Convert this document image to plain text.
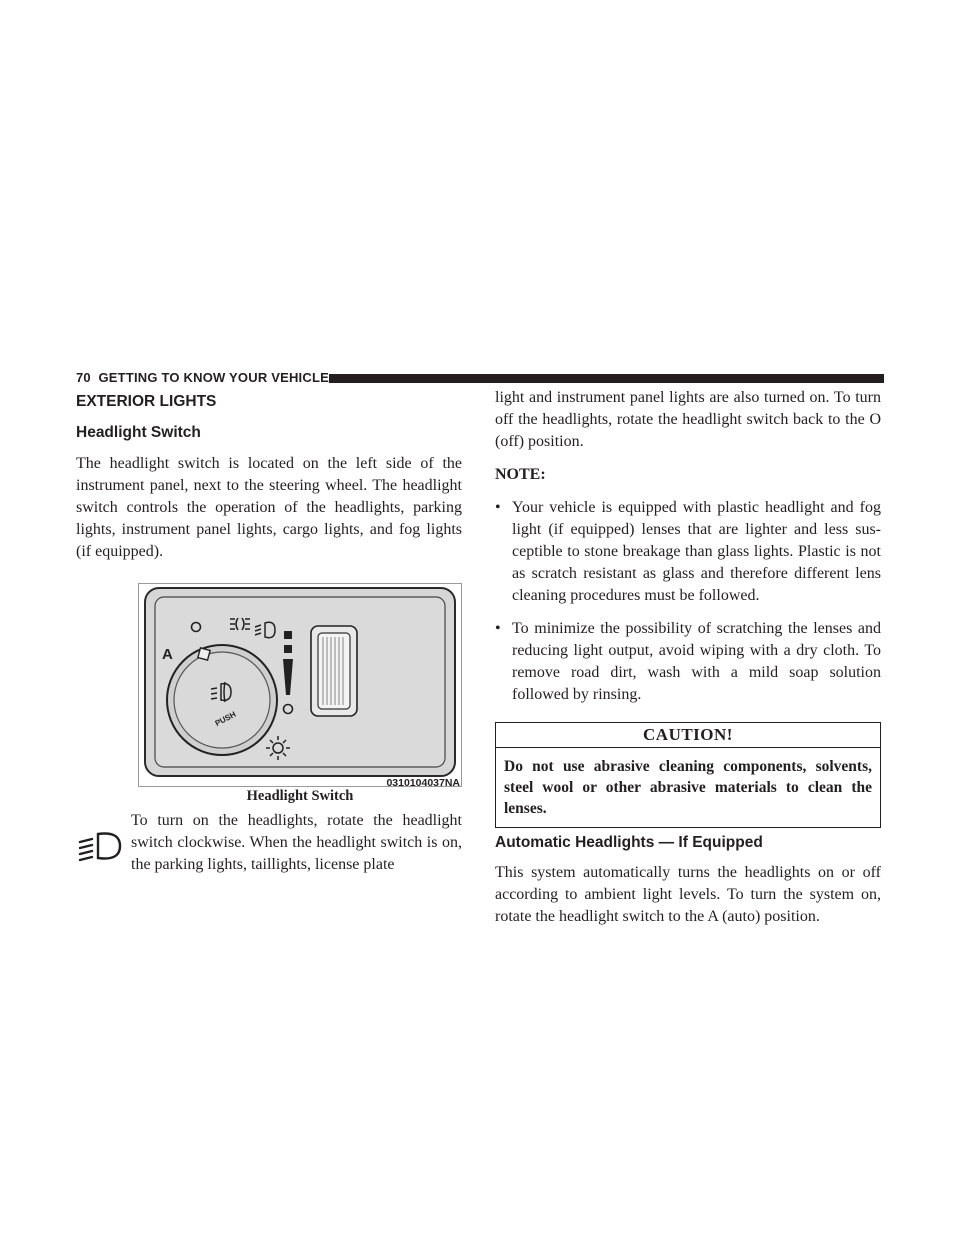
70 GETTING TO KNOW YOUR VEHICLE
EXTERIOR LIGHTS
Headlight Switch

The headlight switch is located on the left side of the instrument panel, next to the steering wheel. The headlight switch controls the operation of the headlights, parking lights, instrument panel lights, cargo lights, and fog lights (if equipped).

A
PUSH
0310104037NA
Headlight Switch

To turn on the headlights, rotate the headlight switch clockwise. When the headlight switch is on, the parking lights, taillights, license plate

light and instrument panel lights are also turned on. To turn off the headlights, rotate the headlight switch back to the O (off) position.

NOTE:

• Your vehicle is equipped with plastic headlight and fog light (if equipped) lenses that are lighter and less sus- ceptible to stone breakage than glass lights. Plastic is not as scratch resistant as glass and therefore different lens cleaning procedures must be followed.
• To minimize the possibility of scratching the lenses and reducing light output, avoid wiping with a dry cloth. To remove road dirt, wash with a mild soap solution followed by rinsing.
CAUTION!
Do not use abrasive cleaning components, solvents, steel wool or other abrasive materials to clean the lenses.
Automatic Headlights — If Equipped

This system automatically turns the headlights on or off according to ambient light levels. To turn the system on, rotate the headlight switch to the A (auto) position.
